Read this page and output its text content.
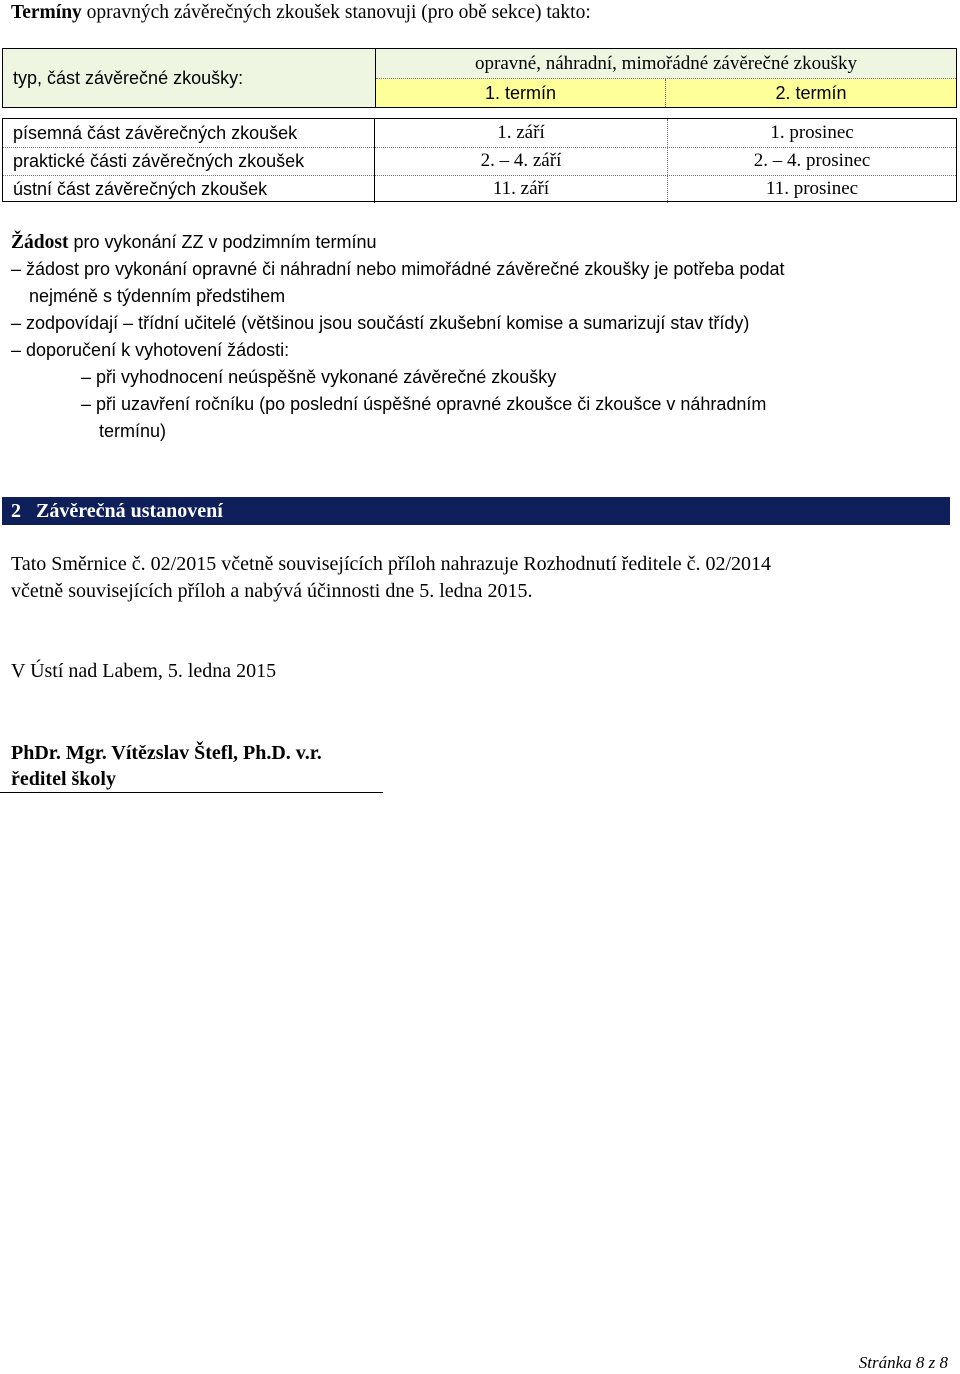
Termíny opravných závěrečných zkoušek stanovuji (pro obě sekce) takto:
typ, část závěrečné zkoušky:
opravné, náhradní, mimořádné závěrečné zkoušky
1. termín	2. termín
písemná část závěrečných zkoušek	1. září	1. prosinec
praktické části závěrečných zkoušek	2. – 4. září	2. – 4. prosinec
ústní část závěrečných zkoušek	11. září	11. prosinec
Žádost pro vykonání ZZ v podzimním termínu
– žádost pro vykonání opravné či náhradní nebo mimořádné závěrečné zkoušky je potřeba podat
nejméně s týdenním předstihem
– zodpovídají – třídní učitelé (většinou jsou součástí zkušební komise a sumarizují stav třídy)
– doporučení k vyhotovení žádosti:
– při vyhodnocení neúspěšně vykonané závěrečné zkoušky
– při uzavření ročníku (po poslední úspěšné opravné zkoušce či zkoušce v náhradním
termínu)
2 Závěrečná ustanovení
Tato Směrnice č. 02/2015 včetně souvisejících příloh nahrazuje Rozhodnutí ředitele č. 02/2014
včetně souvisejících příloh a nabývá účinnosti dne 5. ledna 2015.
V Ústí nad Labem, 5. ledna 2015
PhDr. Mgr. Vítězslav Štefl, Ph.D. v.r.
ředitel školy
Stránka 8 z 8
